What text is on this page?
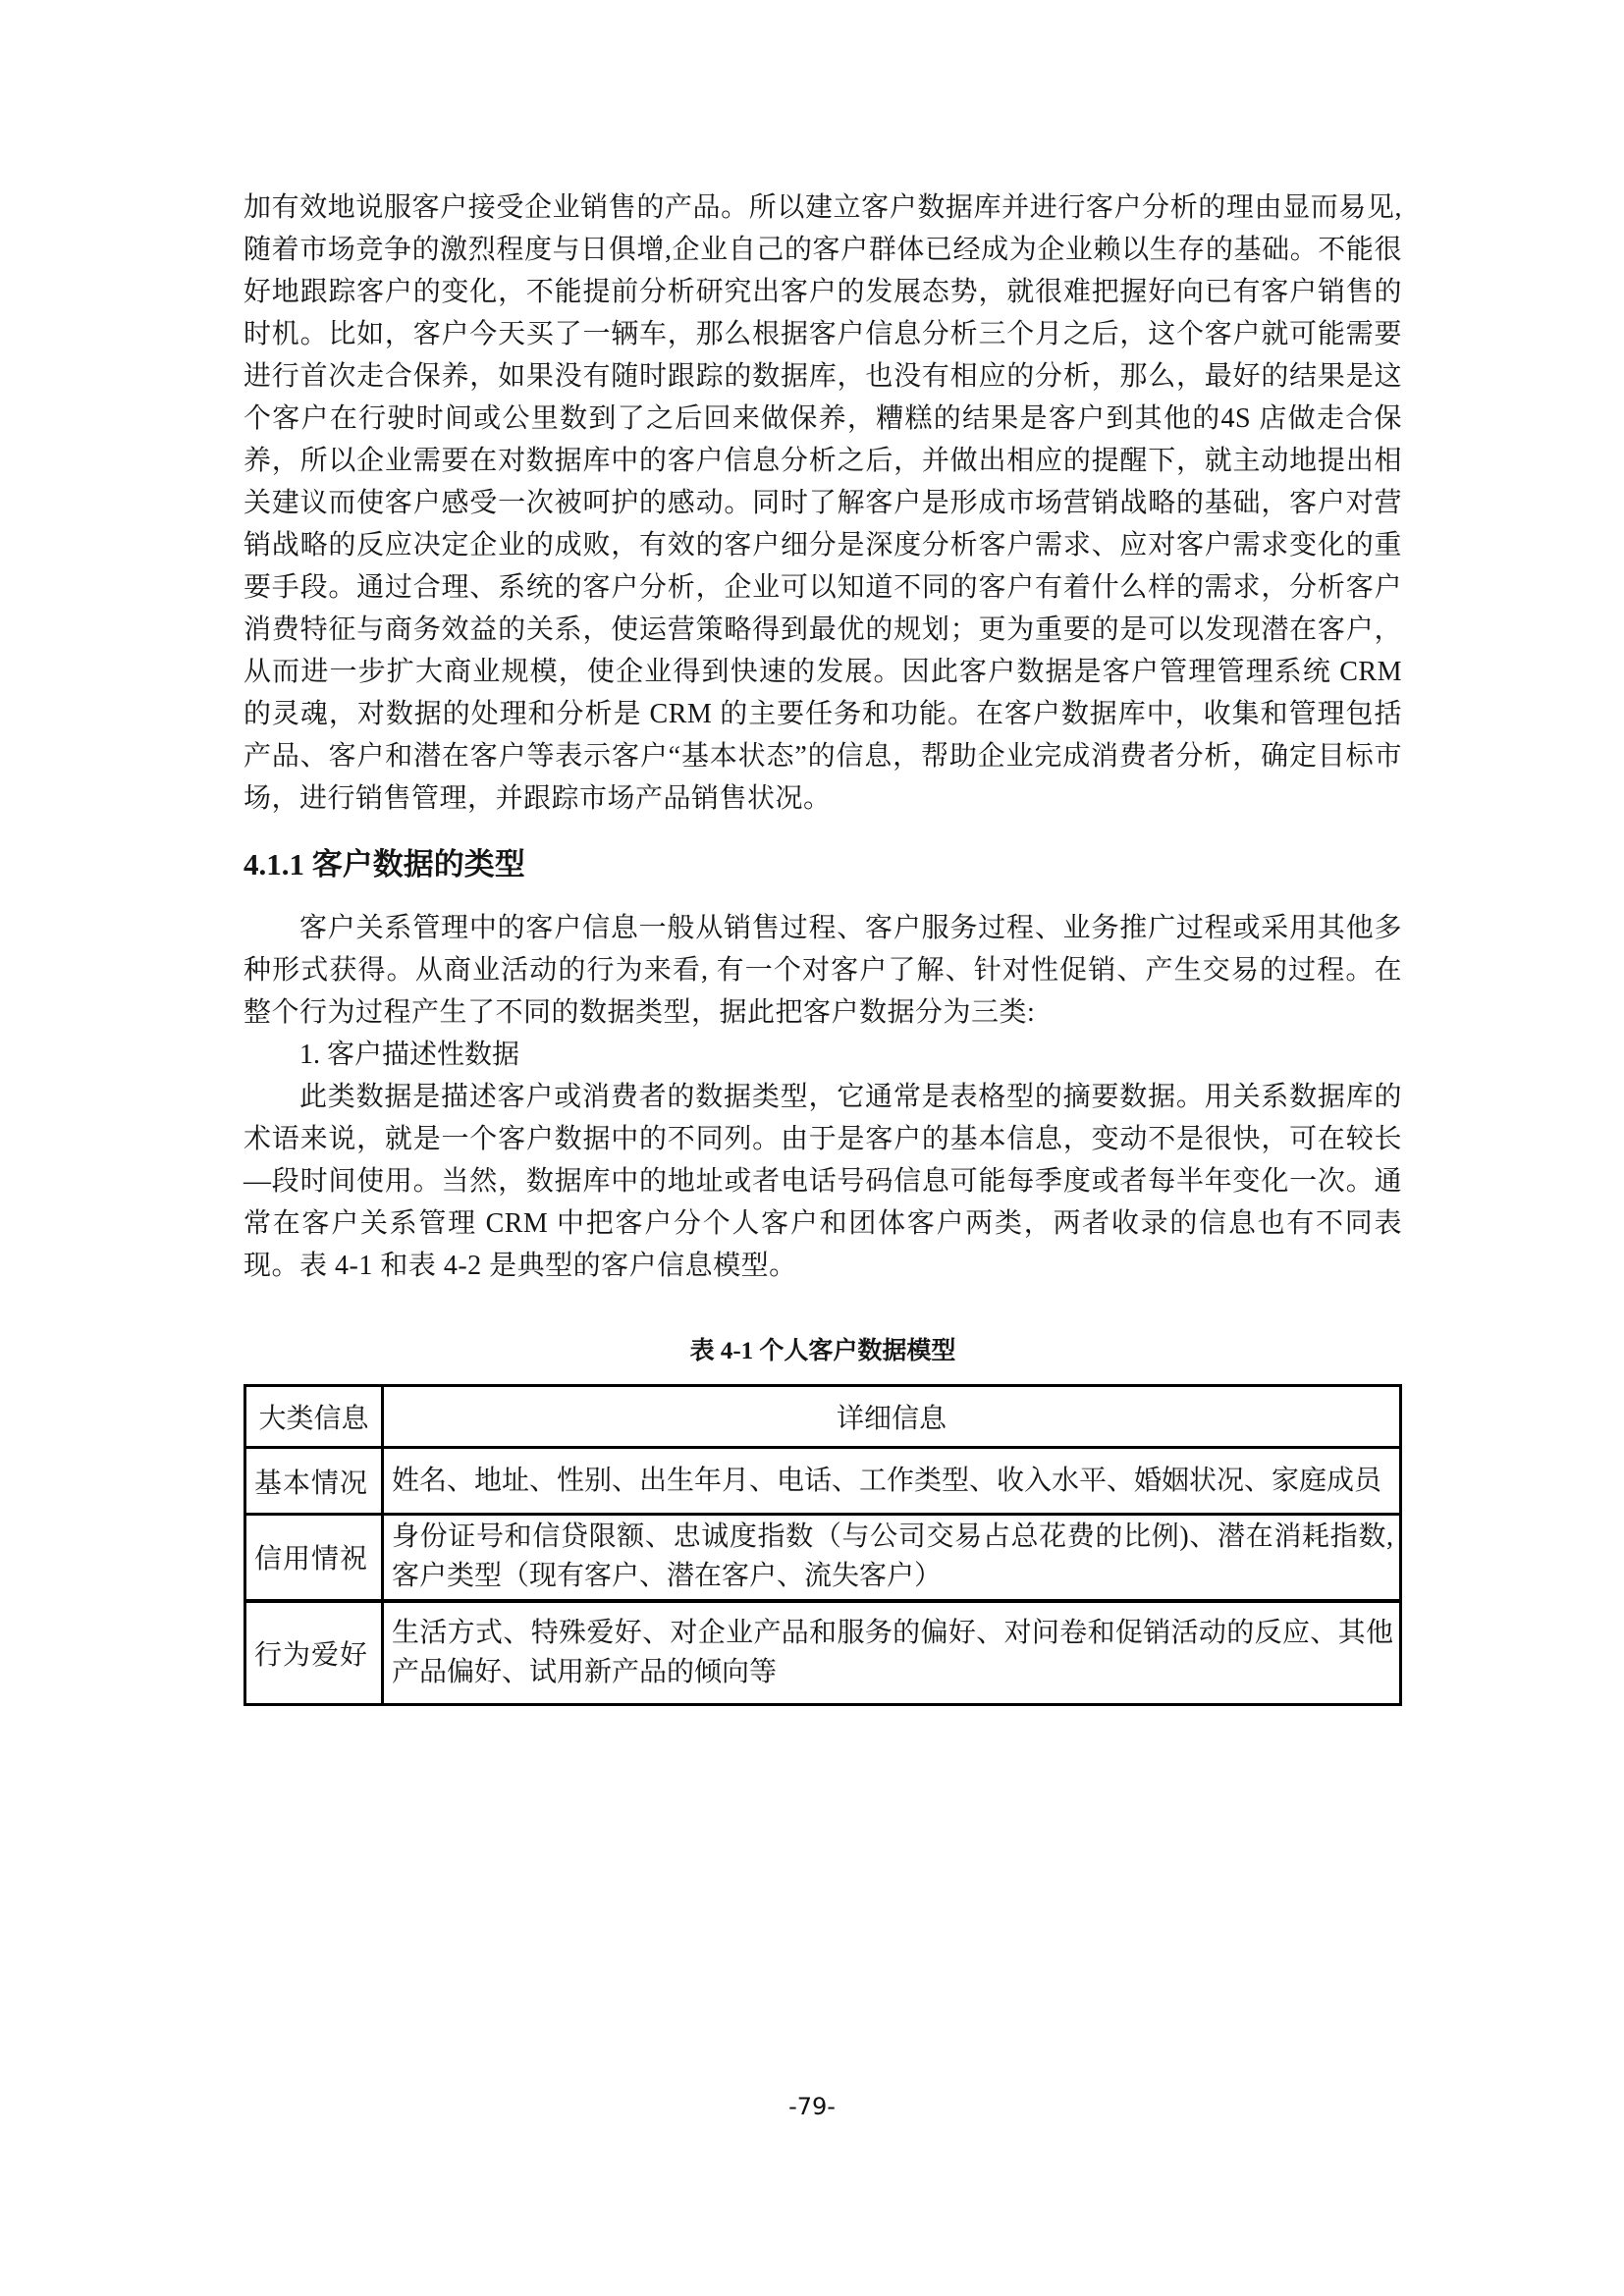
加有效地说服客户接受企业销售的产品。所以建立客户数据库并进行客户分析的理由显而易见,随着市场竞争的激烈程度与日俱增,企业自己的客户群体已经成为企业赖以生存的基础。不能很好地跟踪客户的变化，不能提前分析研究出客户的发展态势，就很难把握好向已有客户销售的时机。比如，客户今天买了一辆车，那么根据客户信息分析三个月之后，这个客户就可能需要进行首次走合保养，如果没有随时跟踪的数据库，也没有相应的分析，那么，最好的结果是这个客户在行驶时间或公里数到了之后回来做保养，糟糕的结果是客户到其他的4S 店做走合保养，所以企业需要在对数据库中的客户信息分析之后，并做出相应的提醒下，就主动地提出相关建议而使客户感受一次被呵护的感动。同时了解客户是形成市场营销战略的基础，客户对营销战略的反应决定企业的成败，有效的客户细分是深度分析客户需求、应对客户需求变化的重要手段。通过合理、系统的客户分析，企业可以知道不同的客户有着什么样的需求，分析客户消费特征与商务效益的关系，使运营策略得到最优的规划；更为重要的是可以发现潜在客户，从而进一步扩大商业规模，使企业得到快速的发展。因此客户数据是客户管理管理系统 CRM 的灵魂，对数据的处理和分析是 CRM 的主要任务和功能。在客户数据库中，收集和管理包括产品、客户和潜在客户等表示客户“基本状态”的信息，帮助企业完成消费者分析，确定目标市场，进行销售管理，并跟踪市场产品销售状况。

4.1.1 客户数据的类型

客户关系管理中的客户信息一般从销售过程、客户服务过程、业务推广过程或采用其他多种形式获得。从商业活动的行为来看, 有一个对客户了解、针对性促销、产生交易的过程。在整个行为过程产生了不同的数据类型，据此把客户数据分为三类:

1. 客户描述性数据

此类数据是描述客户或消费者的数据类型，它通常是表格型的摘要数据。用关系数据库的术语来说，就是一个客户数据中的不同列。由于是客户的基本信息，变动不是很快，可在较长—段时间使用。当然，数据库中的地址或者电话号码信息可能每季度或者每半年变化一次。通常在客户关系管理 CRM 中把客户分个人客户和团体客户两类，两者收录的信息也有不同表现。表 4-1 和表 4-2 是典型的客户信息模型。

表 4-1 个人客户数据模型
大类信息	详细信息
基本情况	姓名、地址、性别、出生年月、电话、工作类型、收入水平、婚姻状况、家庭成员
信用情祝	身份证号和信贷限额、忠诚度指数（与公司交易占总花费的比例)、潜在消耗指数,客户类型（现有客户、潜在客户、流失客户）
行为爱好	生活方式、特殊爱好、对企业产品和服务的偏好、对问卷和促销活动的反应、其他产品偏好、试用新产品的倾向等
-79-
